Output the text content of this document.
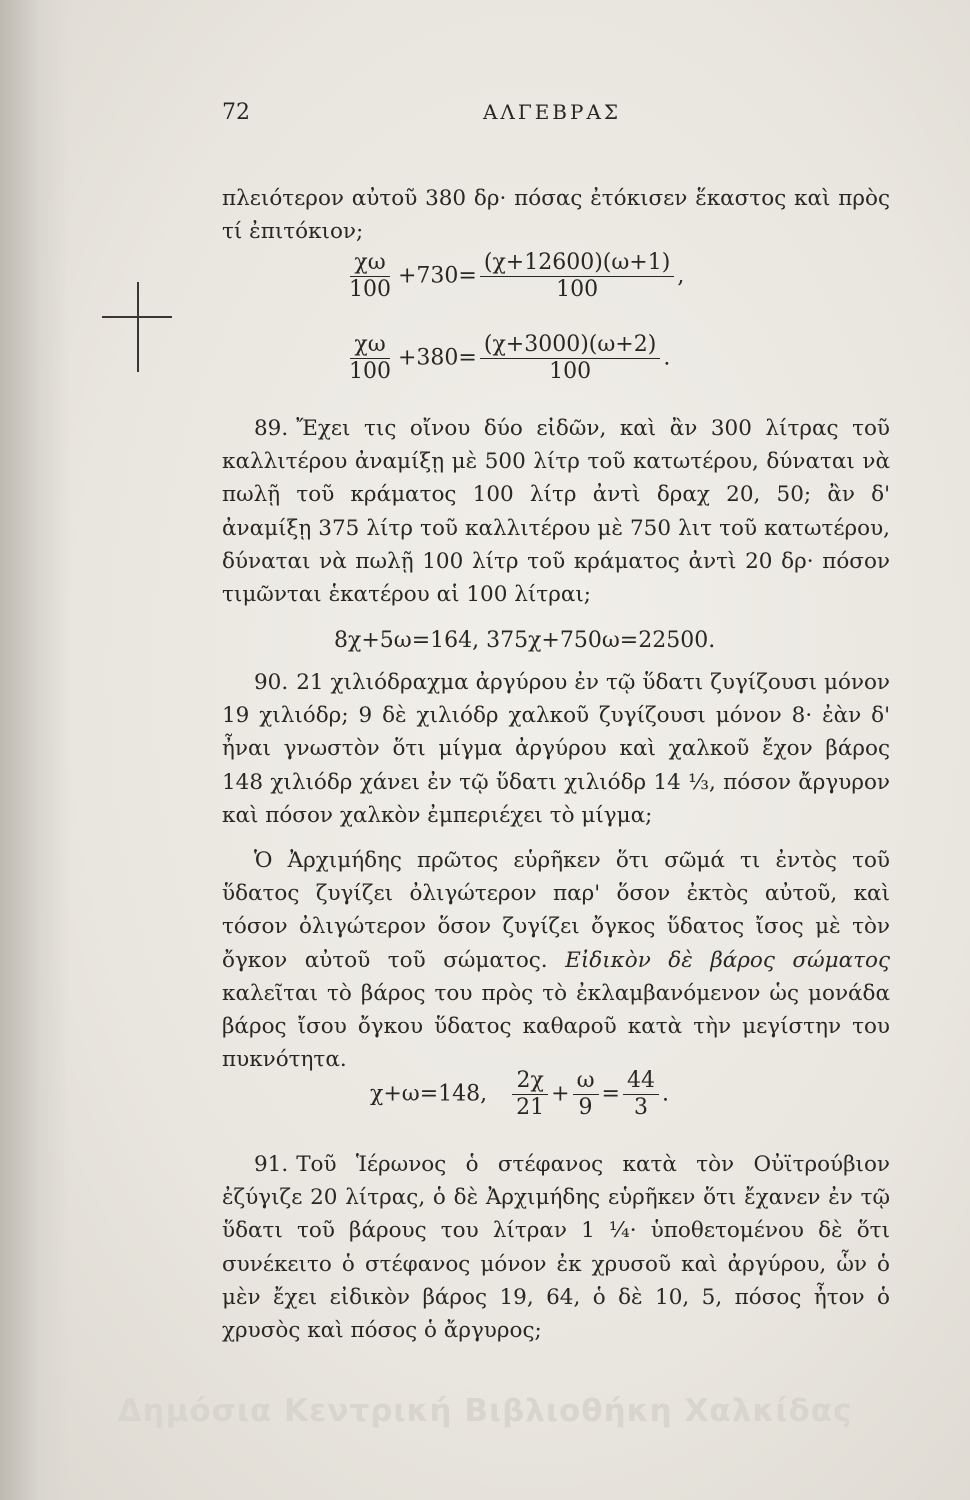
72	ΑΛΓΕΒΡΑΣ
πλειότερον αὐτοῦ 380 δρ· πόσας ἐτόκισεν ἕκαστος καὶ πρὸς τί ἐπιτόκιον;
$\frac{\chi\omega}{100} +730= \frac{(\chi+12600)(\omega+1)}{100}$ ,
$\frac{\chi\omega}{100} +380= \frac{(\chi+3000)(\omega+2)}{100}$ .
89. Ἔχει τις οἴνου δύο εἰδῶν, καὶ ἂν 300 λίτρας τοῦ καλλιτέρου ἀναμίξῃ μὲ 500 λίτρ τοῦ κατωτέρου, δύναται νὰ πωλῇ τοῦ κράματος 100 λίτρ ἀντὶ δραχ 20, 50; ἂν δ' ἀναμίξῃ 375 λίτρ τοῦ καλλιτέρου μὲ 750 λιτ τοῦ κατωτέρου, δύναται νὰ πωλῇ 100 λίτρ τοῦ κράματος ἀντὶ 20 δρ· πόσον τιμῶνται ἑκατέρου αἱ 100 λίτραι;
8χ+5ω=164, 375χ+750ω=22500.
90. 21 χιλιόδραχμα ἀργύρου ἐν τῷ ὕδατι ζυγίζουσι μόνον 19 χιλιόδρ; 9 δὲ χιλιόδρ χαλκοῦ ζυγίζουσι μόνον 8· ἐὰν δ' ἦναι γνωστὸν ὅτι μίγμα ἀργύρου καὶ χαλκοῦ ἔχον βάρος 148 χιλιόδρ χάνει ἐν τῷ ὕδατι χιλιόδρ 14 ⅓, πόσον ἄργυρον καὶ πόσον χαλκὸν ἐμπεριέχει τὸ μίγμα;
Ὁ Ἀρχιμήδης πρῶτος εὑρῆκεν ὅτι σῶμά τι ἐντὸς τοῦ ὕδατος ζυγίζει ὀλιγώτερον παρ' ὅσον ἐκτὸς αὐτοῦ, καὶ τόσον ὀλιγώτερον ὅσον ζυγίζει ὄγκος ὕδατος ἴσος μὲ τὸν ὄγκον αὐτοῦ τοῦ σώματος. Εἰδικὸν δὲ βάρος σώματος καλεῖται τὸ βάρος του πρὸς τὸ ἐκλαμβανόμενον ὡς μονάδα βάρος ἴσου ὄγκου ὕδατος καθαροῦ κατὰ τὴν μεγίστην του πυκνότητα.
χ+ω=148, $\frac{2\chi}{21} + \frac{\omega}{9} = \frac{44}{3}$ .
91. Τοῦ Ἱέρωνος ὁ στέφανος κατὰ τὸν Οὐϊτρούβιον ἐζύγιζε 20 λίτρας, ὁ δὲ Ἀρχιμήδης εὑρῆκεν ὅτι ἔχανεν ἐν τῷ ὕδατι τοῦ βάρους του λίτραν 1 ¼· ὑποθετομένου δὲ ὅτι συνέκειτο ὁ στέφανος μόνον ἐκ χρυσοῦ καὶ ἀργύρου, ὧν ὁ μὲν ἔχει εἰδικὸν βάρος 19, 64, ὁ δὲ 10, 5, πόσος ἦτον ὁ χρυσὸς καὶ πόσος ὁ ἄργυρος;
Δημόσια Κεντρική Βιβλιοθήκη Χαλκίδας
